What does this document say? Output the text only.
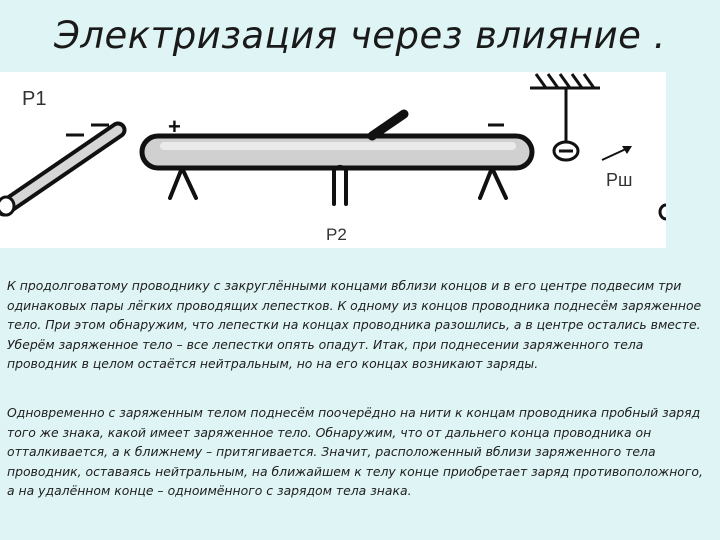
Электризация через влияние .
P1
+
P2
Рш

К продолговатому проводнику с закруглёнными концами вблизи концов и в его центре подвесим три одинаковых пары лёгких проводящих лепестков. К одному из концов проводника поднесём заряженное тело. При этом обнаружим, что лепестки на концах проводника разошлись, а в центре остались вместе. Уберём заряженное тело – все лепестки опять опадут. Итак, при поднесении заряженного тела проводник в целом остаётся нейтральным, но на его концах возникают заряды.

Одновременно с заряженным телом поднесём поочерёдно на нити к концам проводника пробный заряд того же знака, какой имеет заряженное тело. Обнаружим, что от дальнего конца проводника он отталкивается, а к ближнему – притягивается. Значит, расположенный вблизи заряженного тела проводник, оставаясь нейтральным, на ближайшем к телу конце приобретает заряд противоположного, а на удалённом конце – одноимённого с зарядом тела знака.
